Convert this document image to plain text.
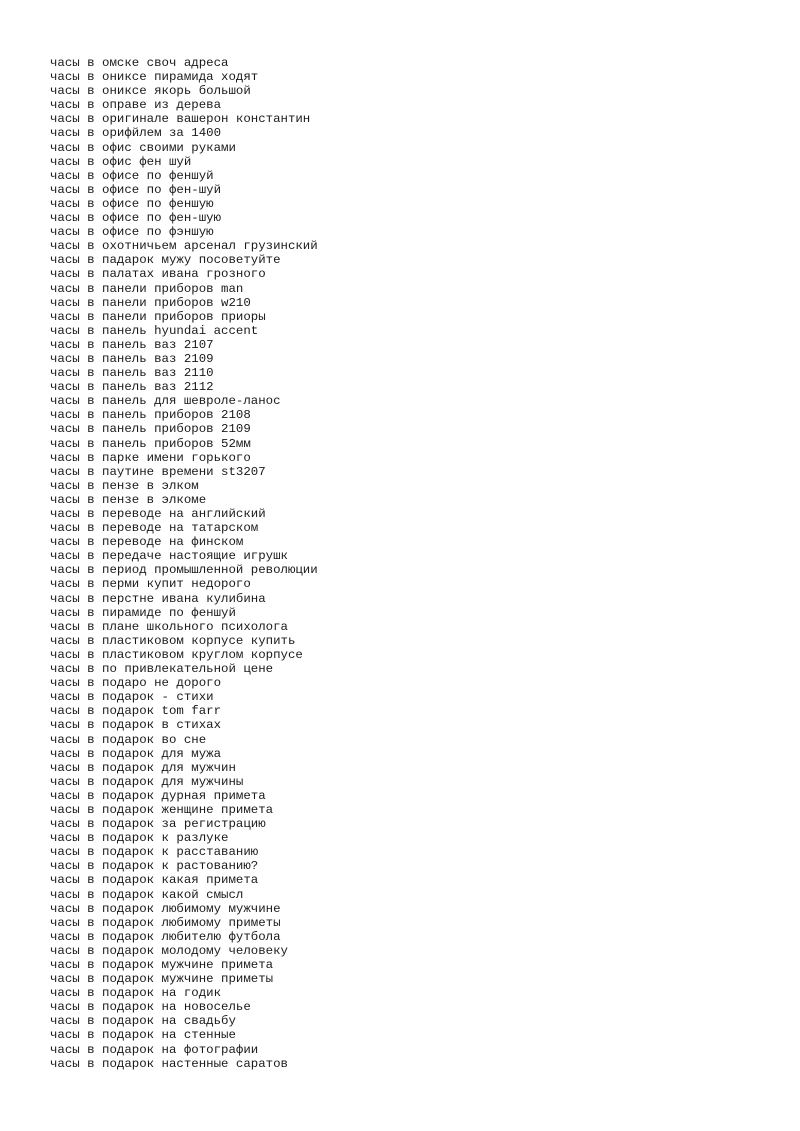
часы в омске своч адреса
часы в ониксе пирамида ходят
часы в ониксе якорь большой
часы в оправе из дерева
часы в оригинале вашерон константин
часы в орифйлем за 1400
часы в офис своими руками
часы в офис фен шуй
часы в офисе по феншуй
часы в офисе по фен-шуй
часы в офисе по феншую
часы в офисе по фен-шую
часы в офисе по фэншую
часы в охотничьем арсенал грузинский
часы в падарок мужу посоветуйте
часы в палатах ивана грозного
часы в панели приборов man
часы в панели приборов w210
часы в панели приборов приоры
часы в панель hyundai accent
часы в панель ваз 2107
часы в панель ваз 2109
часы в панель ваз 2110
часы в панель ваз 2112
часы в панель для шевроле-ланос
часы в панель приборов 2108
часы в панель приборов 2109
часы в панель приборов 52мм
часы в парке имени горького
часы в паутине времени st3207
часы в пензе в элком
часы в пензе в элкоме
часы в переводе на английский
часы в переводе на татарском
часы в переводе на финском
часы в передаче настоящие игрушк
часы в период промышленной революции
часы в перми купит недорого
часы в перстне ивана кулибина
часы в пирамиде по феншуй
часы в плане школьного психолога
часы в пластиковом корпусе купить
часы в пластиковом круглом корпусе
часы в по привлекательной цене
часы в подаро не дорого
часы в подарок - стихи
часы в подарок tom farr
часы в подарок в стихах
часы в подарок во сне
часы в подарок для мужа
часы в подарок для мужчин
часы в подарок для мужчины
часы в подарок дурная примета
часы в подарок женщине примета
часы в подарок за регистрацию
часы в подарок к разлуке
часы в подарок к расставанию
часы в подарок к растованию?
часы в подарок какая примета
часы в подарок какой смысл
часы в подарок любимому мужчине
часы в подарок любимому приметы
часы в подарок любителю футбола
часы в подарок молодому человеку
часы в подарок мужчине примета
часы в подарок мужчине приметы
часы в подарок на годик
часы в подарок на новоселье
часы в подарок на свадьбу
часы в подарок на стенные
часы в подарок на фотографии
часы в подарок настенные саратов
